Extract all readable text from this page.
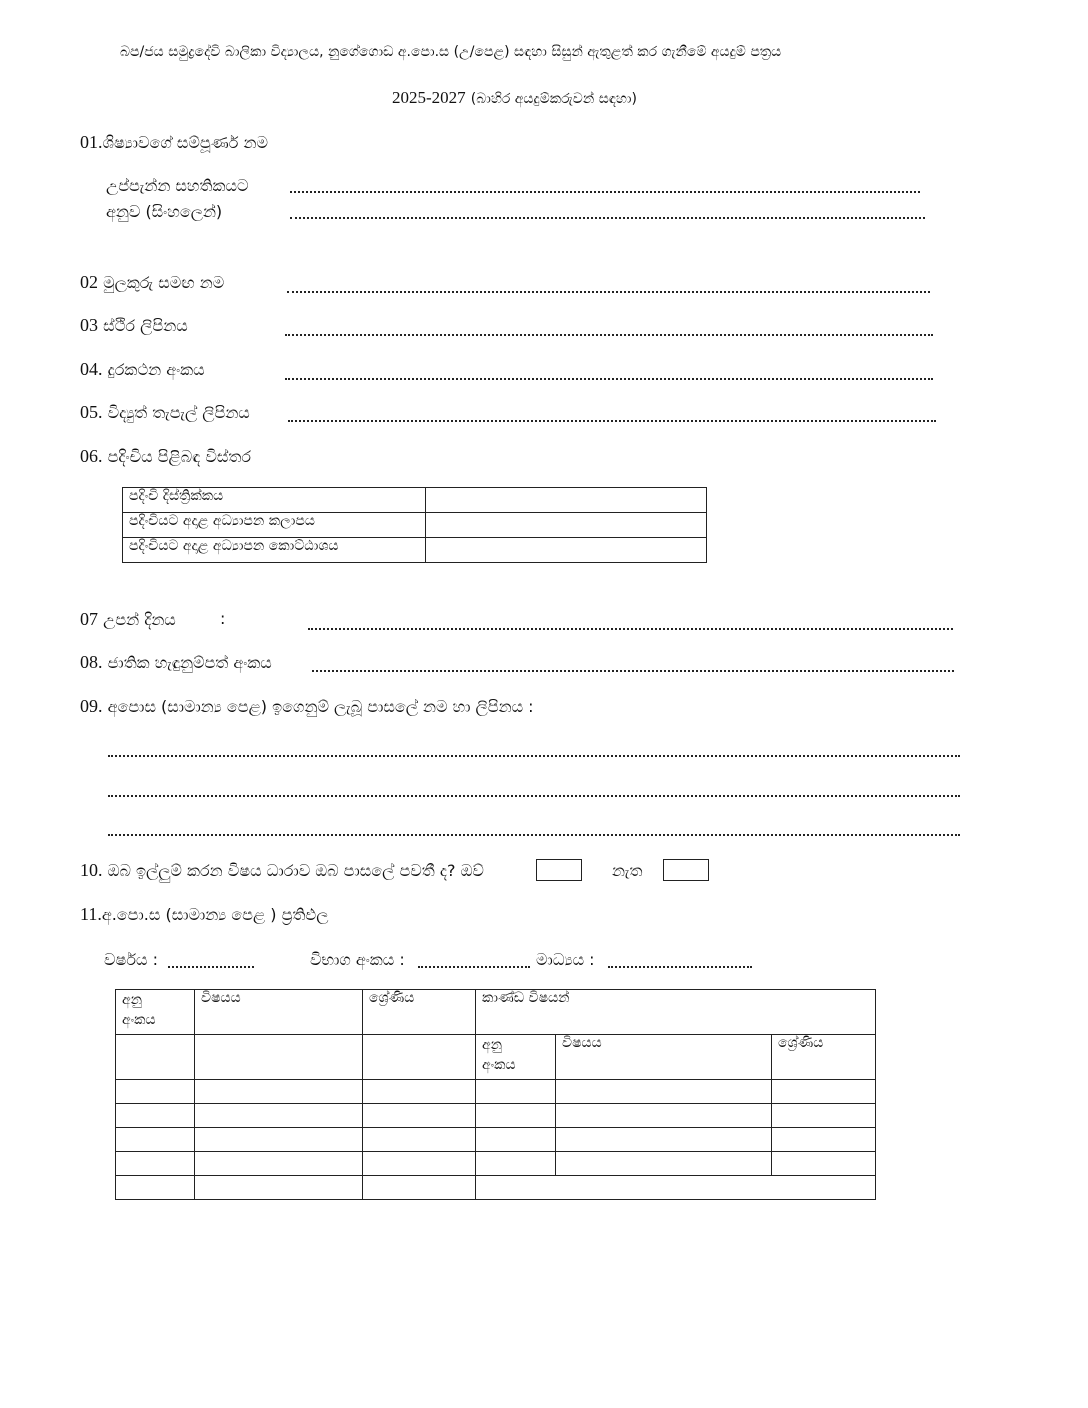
බප/ජය සමුද්‍රදේවි බාලිකා විද්‍යාලය, නුගේගොඩ අ.පො.ස (උ/පෙළ) සඳහා සිසුන් ඇතුළත් කර ගැනීමේ අයදුම් පත්‍රය
2025-2027 (බාහිර අයදුම්කරුවන් සඳහා)
01.ශිෂ්‍යාවගේ සම්පූර්ණ නම
උප්පැන්න සහතිකයට
අනුව (සිංහලෙන්)
02 මුලකුරු සමඟ නම
03 ස්ථිර ලිපිනය
04. දුරකථන අංකය
05. විද්‍යුත් තැපැල් ලිපිනය
06. පදිංචිය පිළිබඳ විස්තර
පදිංචි දිස්ත්‍රික්කය	
පදිංචියට අදාළ අධ්‍යාපන කලාපය	
පදිංචියට අදාළ අධ්‍යාපන කොට්ඨාශය	
07 උපන් දිනය	:
08. ජාතික හැඳුනුම්පත් අංකය
09. අපොස (සාමාන්‍ය පෙළ) ඉගෙනුම් ලැබූ පාසලේ නම හා ලිපිනය :
10. ඔබ ඉල්ලුම් කරන විෂය ධාරාව ඔබ පාසලේ පවතී ද? ඔව්	නැත
11.අ.පො.ස (සාමාන්‍ය පෙළ ) ප්‍රතිඵල
වර්ෂය :	විභාග අංකය :	මාධ්‍යය :
අනු අංකය	විෂයය	ශ්‍රේණිය	කාණ්ඩ විෂයන්		

			අනු අංකය	විෂයය	ශ්‍රේණිය
